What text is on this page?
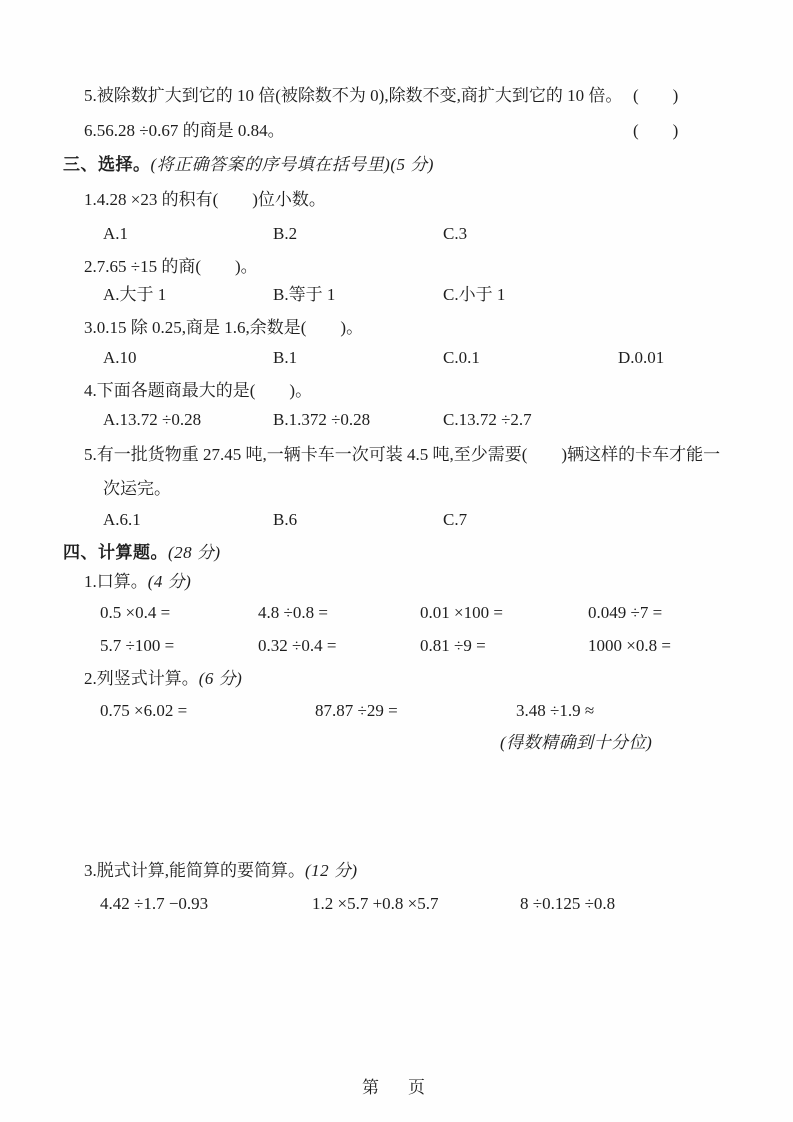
5.被除数扩大到它的 10 倍(被除数不为 0),除数不变,商扩大到它的 10 倍。 (　　)
6.56.28 ÷0.67 的商是 0.84。	(　　)
三、选择。(将正确答案的序号填在括号里)(5 分)
1.4.28 ×23 的积有(　　)位小数。
A.1	B.2	C.3
2.7.65 ÷15 的商(　　)。
A.大于 1	B.等于 1	C.小于 1
3.0.15 除 0.25,商是 1.6,余数是(　　)。
A.10	B.1	C.0.1	D.0.01
4.下面各题商最大的是(　　)。
A.13.72 ÷0.28	B.1.372 ÷0.28	C.13.72 ÷2.7
5.有一批货物重 27.45 吨,一辆卡车一次可装 4.5 吨,至少需要(　　)辆这样的卡车才能一
次运完。
A.6.1	B.6	C.7
四、计算题。(28 分)
1.口算。(4 分)
0.5 ×0.4 =	4.8 ÷0.8 =	0.01 ×100 =	0.049 ÷7 =
5.7 ÷100 =	0.32 ÷0.4 =	0.81 ÷9 =	1000 ×0.8 =
2.列竖式计算。(6 分)
0.75 ×6.02 =	87.87 ÷29 =	3.48 ÷1.9 ≈
(得数精确到十分位)
3.脱式计算,能简算的要简算。(12 分)
4.42 ÷1.7 −0.93	1.2 ×5.7 +0.8 ×5.7	8 ÷0.125 ÷0.8
第　页
